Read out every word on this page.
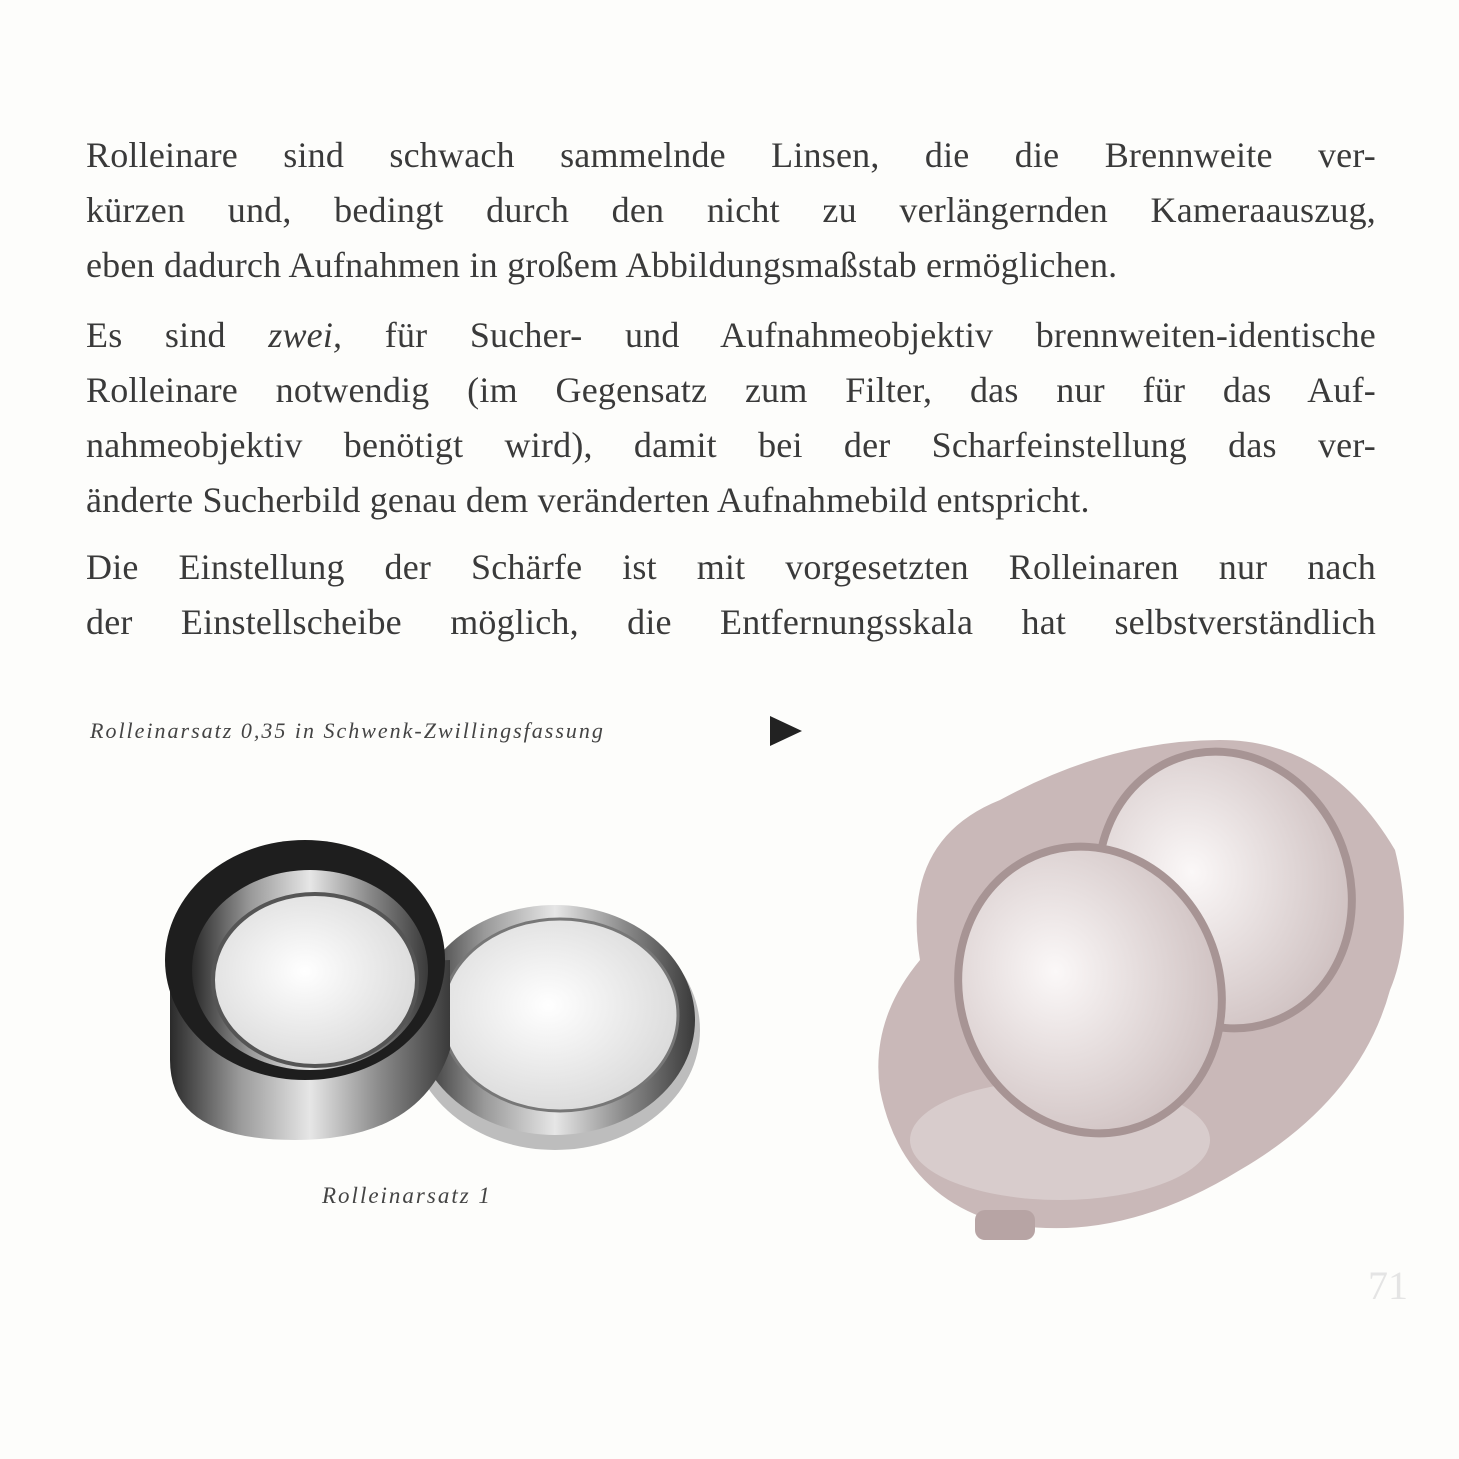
Rolleinare sind schwach sammelnde Linsen, die die Brennweite ver-
kürzen und, bedingt durch den nicht zu verlängernden Kameraauszug,
eben dadurch Aufnahmen in großem Abbildungsmaßstab ermöglichen.
Es sind zwei, für Sucher- und Aufnahmeobjektiv brennweiten-identische
Rolleinare notwendig (im Gegensatz zum Filter, das nur für das Auf-
nahmeobjektiv benötigt wird), damit bei der Scharfeinstellung das ver-
änderte Sucherbild genau dem veränderten Aufnahmebild entspricht.
Die Einstellung der Schärfe ist mit vorgesetzten Rolleinaren nur nach
der Einstellscheibe möglich, die Entfernungsskala hat selbstverständlich
Rolleinarsatz 0,35 in Schwenk-Zwillingsfassung
Rolleinarsatz 1
71
